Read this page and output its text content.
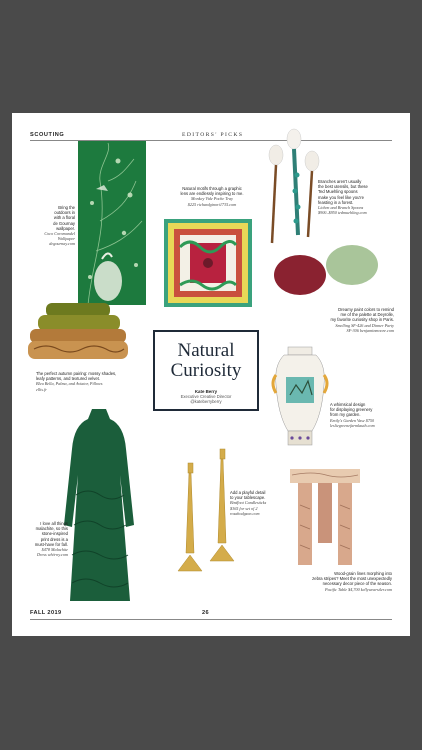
SCOUTING	EDITORS' PICKS
Bring the
outdoors in
with a floral
de Gournay
wallpaper.
Coco Coromandel
Wallpaper
degournay.com
Natural motifs through a graphic
lens are endlessly inspiring to me.
Monkey Vide Poche Tray
$225 richardginori1735.com
Branches aren't usually
the best utensils, but these
Ted Muehling spoons
make you feel like you're
feasting in a forest.
Lichen and Branch Spoons
$900–$950 tedmuehling.com
Dreamy paint colors to remind
me of the palette at Deyrolle,
my favorite curiosity shop in Paris.
Smelling SF-426 and Dinner Party
SF-306 benjaminmoore.com
The perfect autumn pairing: mossy shades,
leafy patterns, and textured velvet.
Bleu Bella, Palma, and Aviator, Pillows
ellis.fr
Natural
Curiosity
Kate Berry
Executive Creative Director
@kateberryberry
A whimsical design
for displaying greenery
from my garden.
Emily's Garden Vase $750
lesliegreenefarmlauth.com
I love all things
malachite, so this
stone-inspired
print dress is a
must-have for fall.
$478 Malachite
Dress whit-ny.com
Add a playful detail
to your tablescape.
Birdfoot Candlesticks
$365 for set of 2
rosahodgson.com
Wood-grain lines morphing into
zebra stripes? Meet the most unexpectedly
necessary decor piece of the season.
Pacific Table $4,700 kellywearstler.com
FALL 2019	26
